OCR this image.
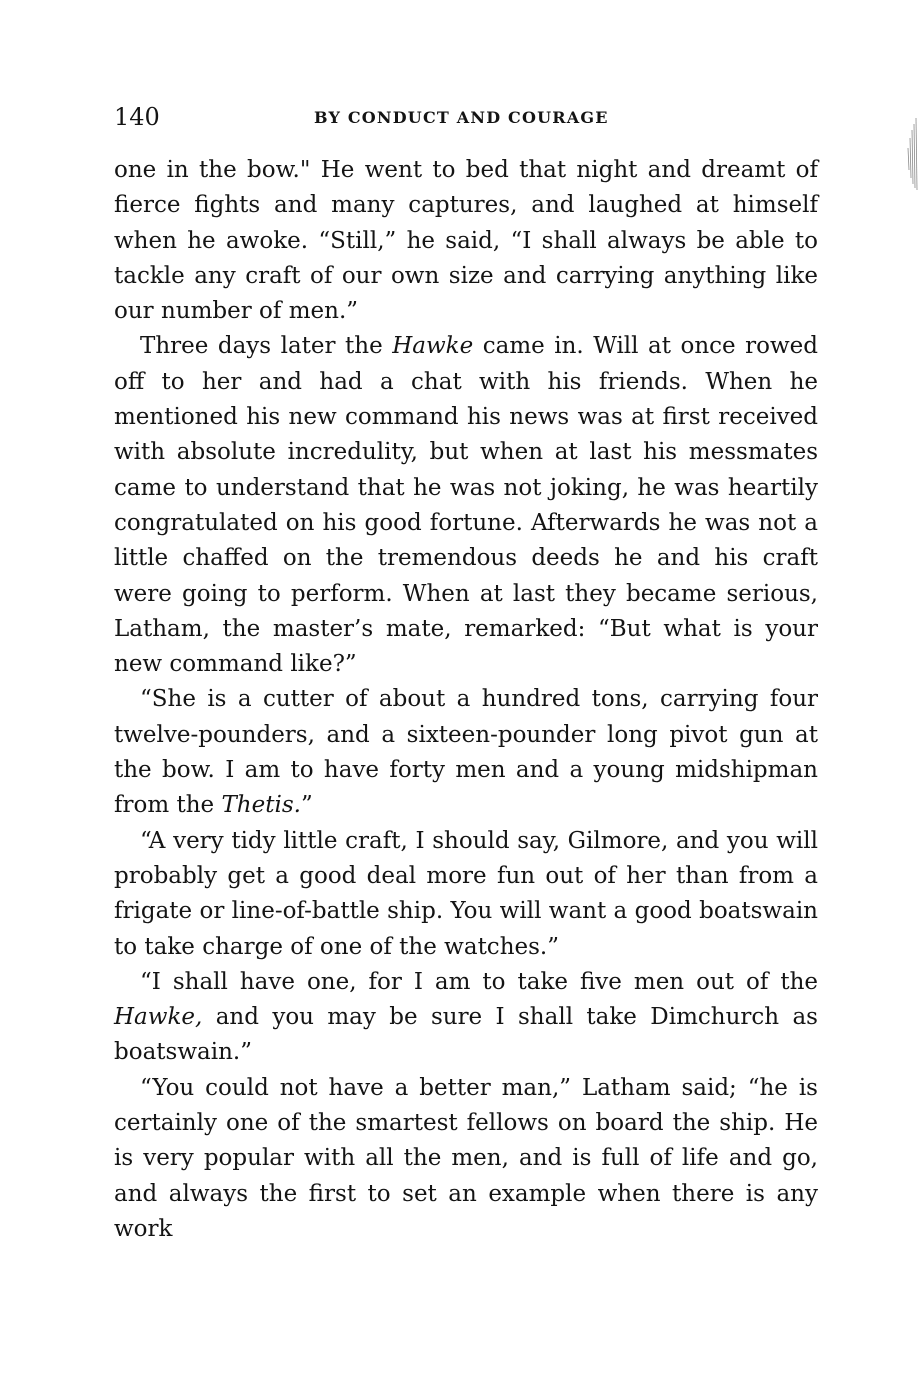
140	BY CONDUCT AND COURAGE

one in the bow." He went to bed that night and dreamt of fierce fights and many captures, and laughed at himself when he awoke. “Still,” he said, “I shall always be able to tackle any craft of our own size and carrying anything like our number of men.”

Three days later the Hawke came in. Will at once rowed off to her and had a chat with his friends. When he mentioned his new command his news was at first received with absolute incredulity, but when at last his messmates came to understand that he was not joking, he was heartily congratulated on his good fortune. Afterwards he was not a little chaffed on the tremendous deeds he and his craft were going to perform. When at last they became serious, Latham, the master’s mate, remarked: “But what is your new command like?”

“She is a cutter of about a hundred tons, carrying four twelve-pounders, and a sixteen-pounder long pivot gun at the bow. I am to have forty men and a young midshipman from the Thetis.”

“A very tidy little craft, I should say, Gilmore, and you will probably get a good deal more fun out of her than from a frigate or line-of-battle ship. You will want a good boatswain to take charge of one of the watches.”

“I shall have one, for I am to take five men out of the Hawke, and you may be sure I shall take Dimchurch as boatswain.”

“You could not have a better man,” Latham said; “he is certainly one of the smartest fellows on board the ship. He is very popular with all the men, and is full of life and go, and always the first to set an example when there is any work
